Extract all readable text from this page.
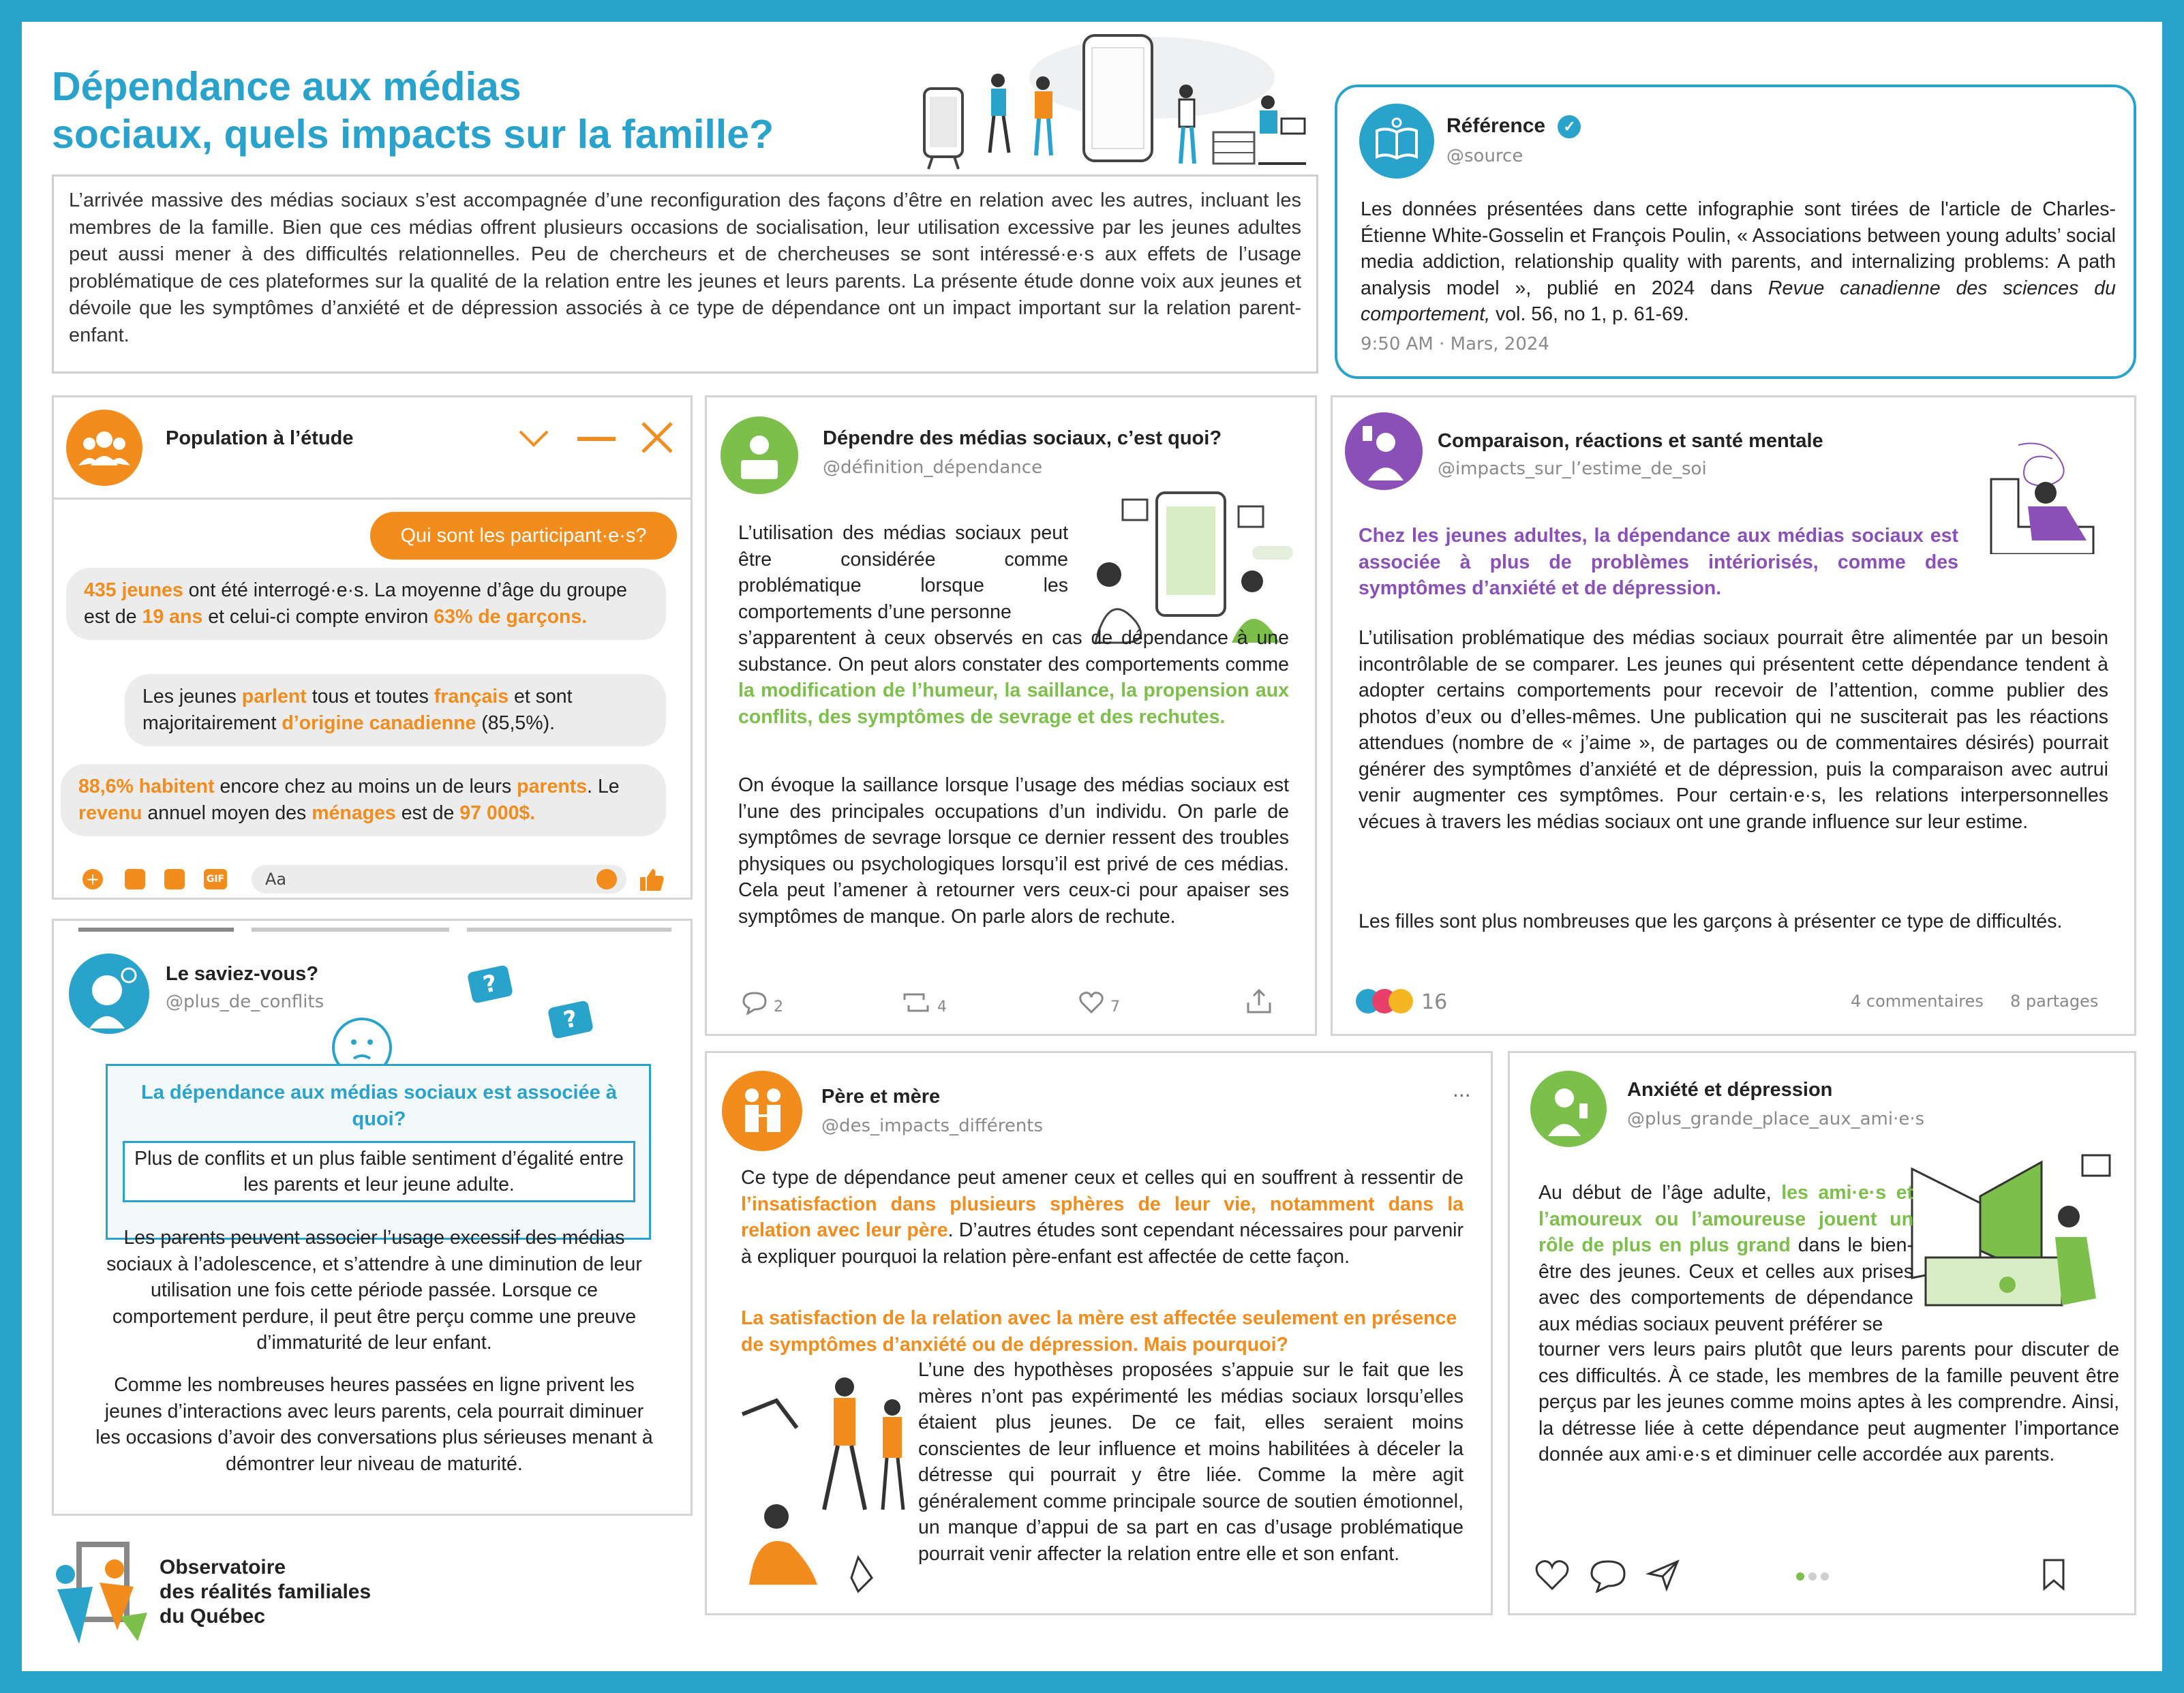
Dépendance aux médias
sociaux, quels impacts sur la famille?
L’arrivée massive des médias sociaux s’est accompagnée d’une reconfiguration des façons d’être en relation avec les autres, incluant les membres de la famille. Bien que ces médias offrent plusieurs occasions de socialisation, leur utilisation excessive par les jeunes adultes peut aussi mener à des difficultés relationnelles. Peu de chercheurs et de chercheuses se sont intéressé·e·s aux effets de l’usage problématique de ces plateformes sur la qualité de la relation entre les jeunes et leurs parents. La présente étude donne voix aux jeunes et dévoile que les symptômes d’anxiété et de dépression associés à ce type de dépendance ont un impact important sur la relation parent-enfant.
Référence ✓
@source
Les données présentées dans cette infographie sont tirées de l'article de Charles-Étienne White-Gosselin et François Poulin, « Associations between young adults’ social media addiction, relationship quality with parents, and internalizing problems: A path analysis model », publié en 2024 dans Revue canadienne des sciences du comportement, vol. 56, no 1, p. 61-69.
9:50 AM · Mars, 2024
Population à l’étude
Qui sont les participant·e·s?
435 jeunes ont été interrogé·e·s. La moyenne d’âge du groupe est de 19 ans et celui-ci compte environ 63% de garçons.
Les jeunes parlent tous et toutes français et sont majoritairement d’origine canadienne (85,5%).
88,6% habitent encore chez au moins un de leurs parents. Le revenu annuel moyen des ménages est de 97 000$.
+	GIF	Aa
Le saviez-vous?
@plus_de_conflits
?
?
La dépendance aux médias sociaux est associée à quoi?
Plus de conflits et un plus faible sentiment d’égalité entre les parents et leur jeune adulte.
Les parents peuvent associer l’usage excessif des médias sociaux à l’adolescence, et s’attendre à une diminution de leur utilisation une fois cette période passée. Lorsque ce comportement perdure, il peut être perçu comme une preuve d’immaturité de leur enfant.
Comme les nombreuses heures passées en ligne privent les jeunes d’interactions avec leurs parents, cela pourrait diminuer les occasions d’avoir des conversations plus sérieuses menant à démontrer leur niveau de maturité.
Dépendre des médias sociaux, c’est quoi?
@définition_dépendance
L’utilisation des médias sociaux peut être considérée comme problématique lorsque les comportements d’une personne
s’apparentent à ceux observés en cas de dépendance à une substance. On peut alors constater des comportements comme la modification de l’humeur, la saillance, la propension aux conflits, des symptômes de sevrage et des rechutes.
On évoque la saillance lorsque l’usage des médias sociaux est l’une des principales occupations d’un individu. On parle de symptômes de sevrage lorsque ce dernier ressent des troubles physiques ou psychologiques lorsqu’il est privé de ces médias. Cela peut l’amener à retourner vers ceux-ci pour apaiser ses symptômes de manque. On parle alors de rechute.
2	4	7
Comparaison, réactions et santé mentale
@impacts_sur_l’estime_de_soi
Chez les jeunes adultes, la dépendance aux médias sociaux est associée à plus de problèmes intériorisés, comme des symptômes d’anxiété et de dépression.
L’utilisation problématique des médias sociaux pourrait être alimentée par un besoin incontrôlable de se comparer. Les jeunes qui présentent cette dépendance tendent à adopter certains comportements pour recevoir de l’attention, comme publier des photos d’eux ou d’elles-mêmes. Une publication qui ne susciterait pas les réactions attendues (nombre de « j’aime », de partages ou de commentaires désirés) pourrait générer des symptômes d’anxiété et de dépression, puis la comparaison avec autrui venir augmenter ces symptômes. Pour certain·e·s, les relations interpersonnelles vécues à travers les médias sociaux ont une grande influence sur leur estime.
Les filles sont plus nombreuses que les garçons à présenter ce type de difficultés.
16	4 commentaires 8 partages
Père et mère
@des_impacts_différents
···
Ce type de dépendance peut amener ceux et celles qui en souffrent à ressentir de l’insatisfaction dans plusieurs sphères de leur vie, notamment dans la relation avec leur père. D’autres études sont cependant nécessaires pour parvenir à expliquer pourquoi la relation père-enfant est affectée de cette façon.
La satisfaction de la relation avec la mère est affectée seulement en présence de symptômes d’anxiété ou de dépression. Mais pourquoi?
L’une des hypothèses proposées s’appuie sur le fait que les mères n’ont pas expérimenté les médias sociaux lorsqu’elles étaient plus jeunes. De ce fait, elles seraient moins conscientes de leur influence et moins habilitées à déceler la détresse qui pourrait y être liée. Comme la mère agit généralement comme principale source de soutien émotionnel, un manque d’appui de sa part en cas d’usage problématique pourrait venir affecter la relation entre elle et son enfant.
Anxiété et dépression
@plus_grande_place_aux_ami·e·s
Au début de l’âge adulte, les ami·e·s et l’amoureux ou l’amoureuse jouent un rôle de plus en plus grand dans le bien-être des jeunes. Ceux et celles aux prises avec des comportements de dépendance aux médias sociaux peuvent préférer se
tourner vers leurs pairs plutôt que leurs parents pour discuter de ces difficultés. À ce stade, les membres de la famille peuvent être perçus par les jeunes comme moins aptes à les comprendre. Ainsi, la détresse liée à cette dépendance peut augmenter l’importance donnée aux ami·e·s et diminuer celle accordée aux parents.
Observatoire
des réalités familiales
du Québec
